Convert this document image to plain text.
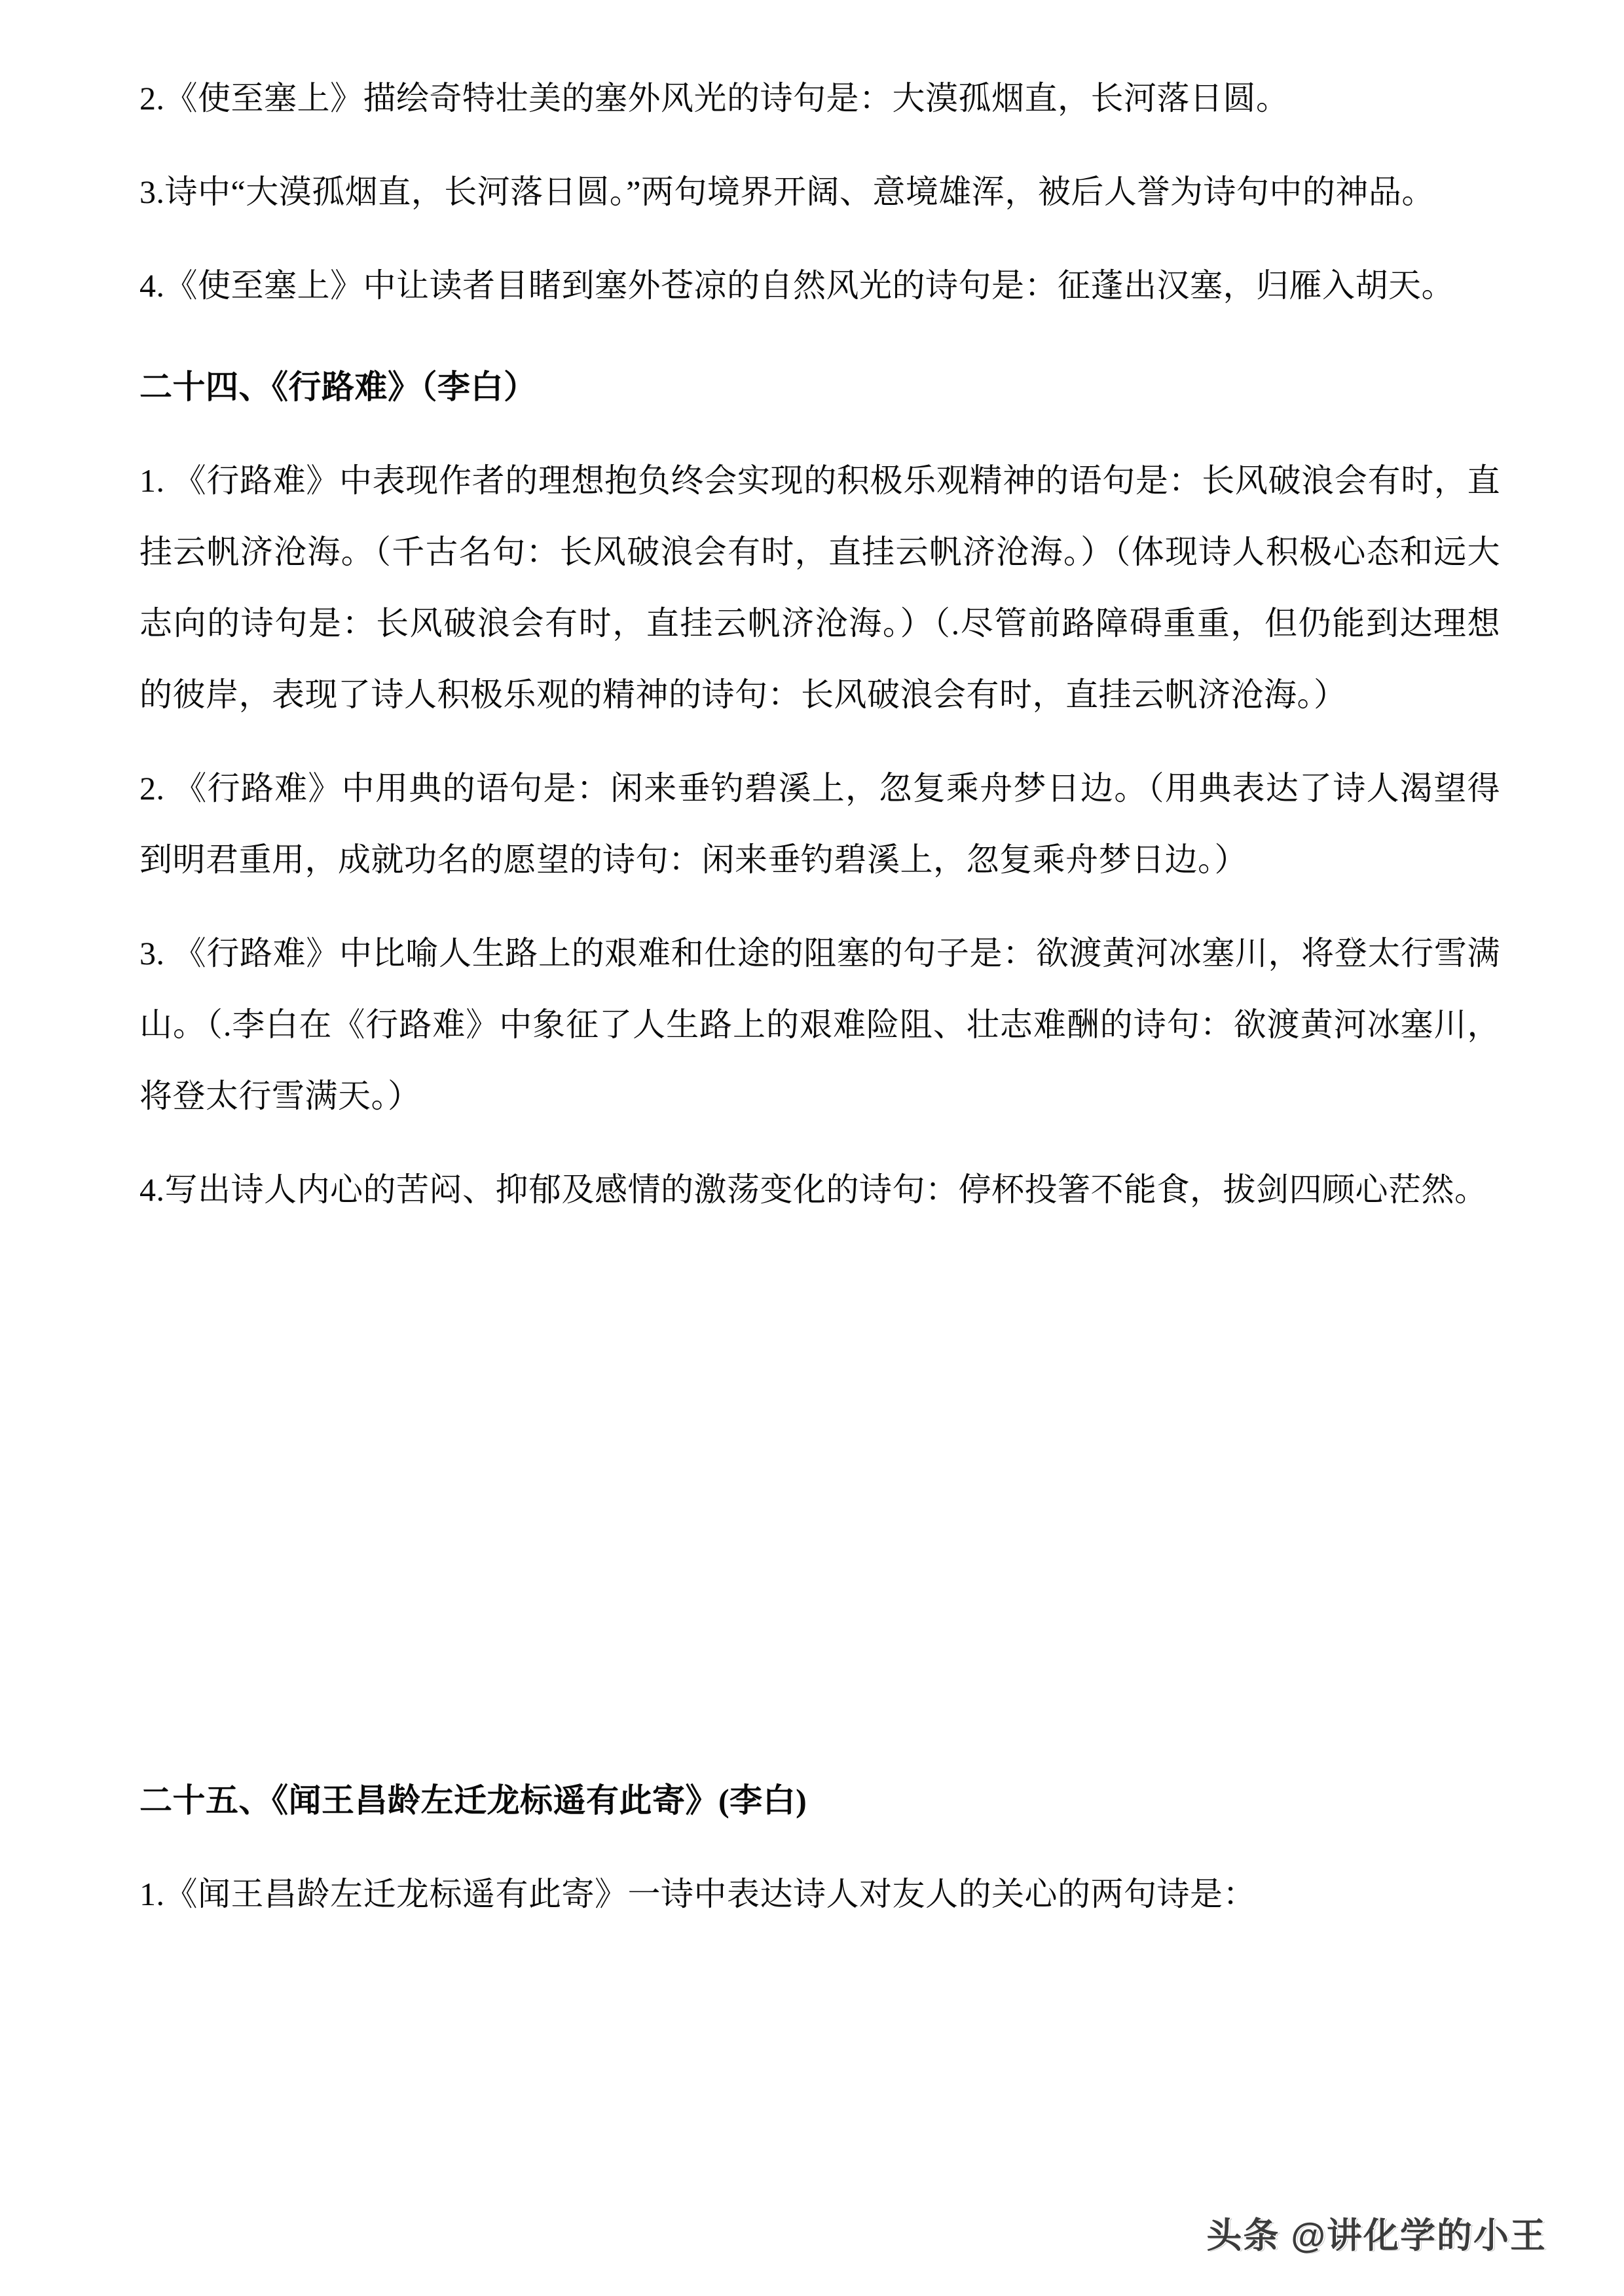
2.《使至塞上》描绘奇特壮美的塞外风光的诗句是：大漠孤烟直，长河落日圆。

3.诗中“大漠孤烟直，长河落日圆。”两句境界开阔、意境雄浑，被后人誉为诗句中的神品。

4.《使至塞上》中让读者目睹到塞外苍凉的自然风光的诗句是：征蓬出汉塞，归雁入胡天。

二十四、《行路难》（李白）

1. 《行路难》中表现作者的理想抱负终会实现的积极乐观精神的语句是：长风破浪会有时，直挂云帆济沧海。（千古名句：长风破浪会有时，直挂云帆济沧海。）（体现诗人积极心态和远大志向的诗句是：长风破浪会有时，直挂云帆济沧海。）（.尽管前路障碍重重，但仍能到达理想的彼岸，表现了诗人积极乐观的精神的诗句：长风破浪会有时，直挂云帆济沧海。）

2. 《行路难》中用典的语句是：闲来垂钓碧溪上，忽复乘舟梦日边。（用典表达了诗人渴望得到明君重用，成就功名的愿望的诗句：闲来垂钓碧溪上，忽复乘舟梦日边。）

3. 《行路难》中比喻人生路上的艰难和仕途的阻塞的句子是：欲渡黄河冰塞川，将登太行雪满山。（.李白在《行路难》中象征了人生路上的艰难险阻、壮志难酬的诗句：欲渡黄河冰塞川，将登太行雪满天。）

4.写出诗人内心的苦闷、抑郁及感情的激荡变化的诗句：停杯投箸不能食，拔剑四顾心茫然。

二十五、《闻王昌龄左迁龙标遥有此寄》(李白)

1.《闻王昌龄左迁龙标遥有此寄》一诗中表达诗人对友人的关心的两句诗是：

头条 @讲化学的小王
